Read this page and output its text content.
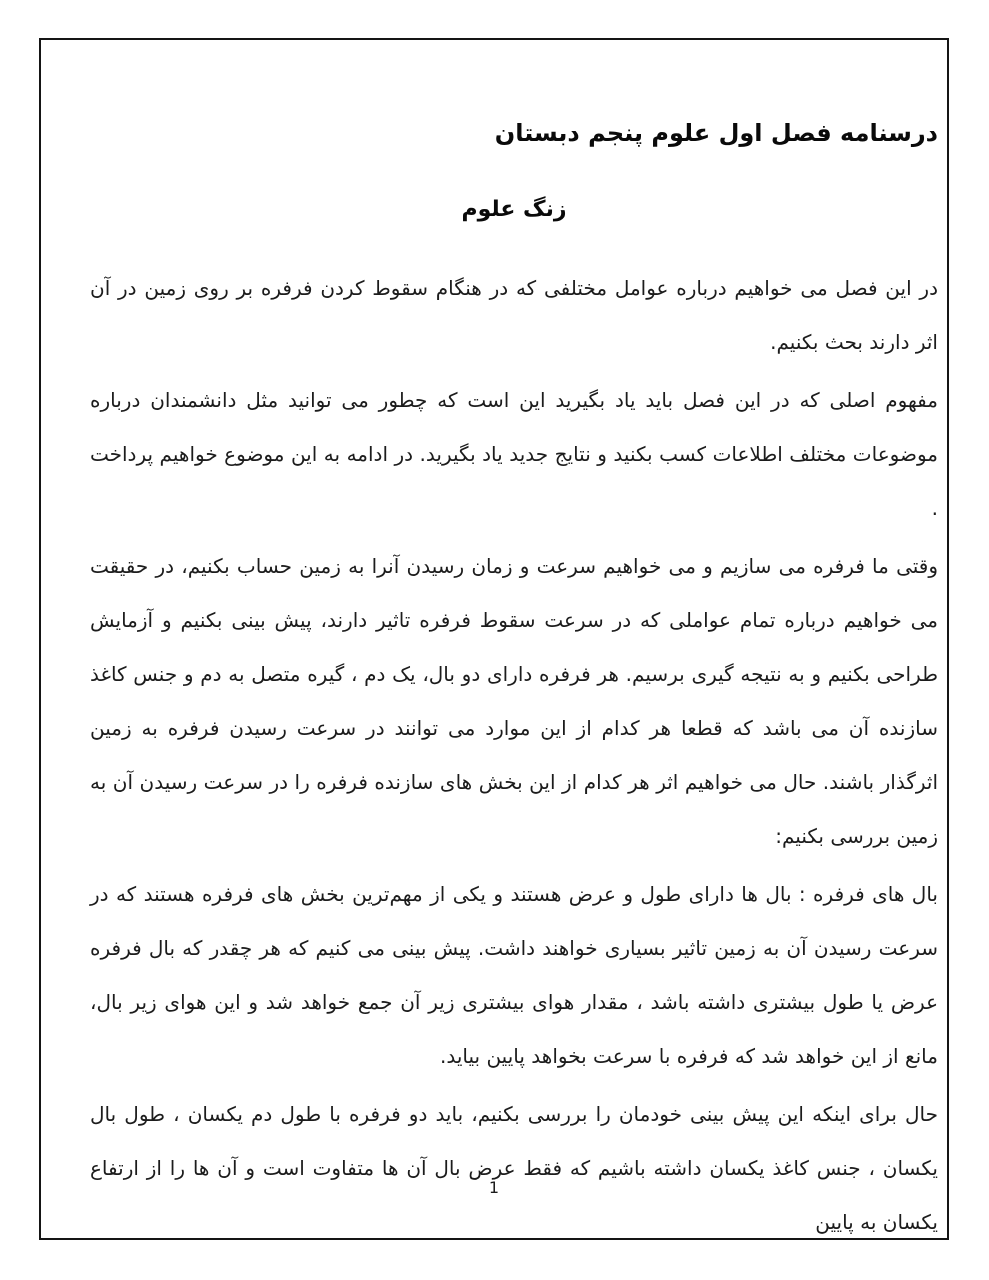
درسنامه فصل اول علوم پنجم دبستان
زنگ علوم

در این فصل می خواهیم درباره عوامل مختلفی که در هنگام سقوط کردن فرفره بر روی زمین در آن اثر دارند بحث بکنیم.

مفهوم اصلی که در این فصل باید یاد بگیرید این است که چطور می توانید مثل دانشمندان درباره موضوعات مختلف اطلاعات کسب بکنید و نتایج جدید یاد بگیرید. در ادامه به این موضوع خواهیم پرداخت .

وقتی ما فرفره می سازیم و می خواهیم سرعت و زمان رسیدن آنرا به زمین حساب بکنیم، در حقیقت می خواهیم درباره تمام عواملی که در سرعت سقوط فرفره تاثیر دارند، پیش بینی بکنیم و آزمایش طراحی بکنیم و به نتیجه گیری برسیم. هر فرفره دارای دو بال، یک دم ، گیره متصل به دم و جنس کاغذ سازنده آن می باشد که قطعا هر کدام از این موارد می توانند در سرعت رسیدن فرفره به زمین اثرگذار باشند. حال می خواهیم اثر هر کدام از این بخش های سازنده فرفره را در سرعت رسیدن آن به زمین بررسی بکنیم:

بال های فرفره : بال ها دارای طول و عرض هستند و یکی از مهم‌ترین بخش های فرفره هستند که در سرعت رسیدن آن به زمین تاثیر بسیاری خواهند داشت. پیش بینی می کنیم که هر چقدر که بال فرفره عرض یا طول بیشتری داشته باشد ، مقدار هوای بیشتری زیر آن جمع خواهد شد و این هوای زیر بال، مانع از این خواهد شد که فرفره با سرعت بخواهد پایین بیاید.

حال برای اینکه این پیش بینی خودمان را بررسی بکنیم، باید دو فرفره با طول دم یکسان ، طول بال یکسان ، جنس کاغذ یکسان داشته باشیم که فقط عرض بال آن ها متفاوت است و آن ها را از ارتفاع یکسان به پایین

1
